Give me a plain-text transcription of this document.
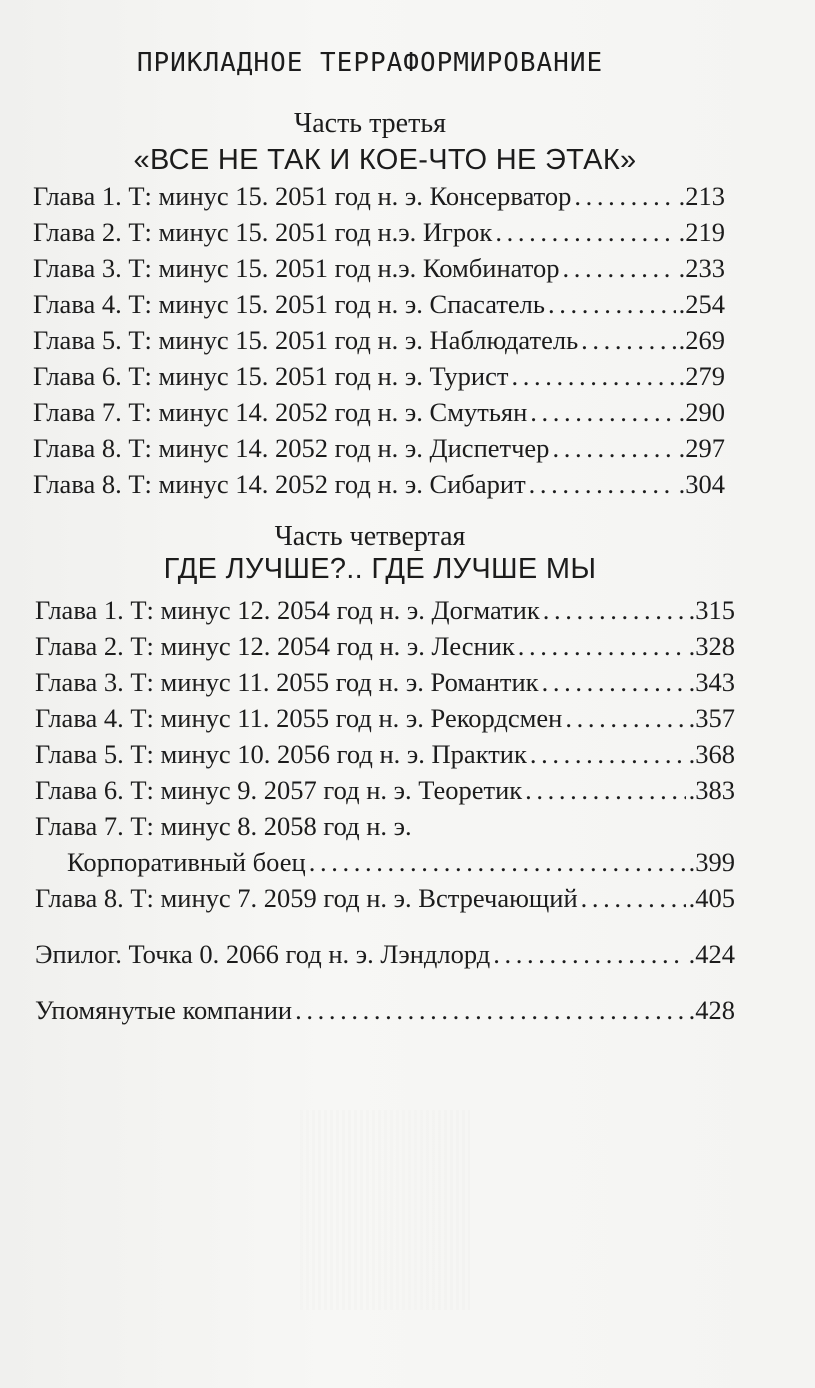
ПРИКЛАДНОЕ ТЕРРАФОРМИРОВАНИЕ
Часть третья
«ВСЕ НЕ ТАК И КОЕ-ЧТО НЕ ЭТАК»
Глава 1. Т: минус 15. 2051 год н. э. Консерватор . . .	.213
Глава 2. Т: минус 15. 2051 год н.э. Игрок . . .	.219
Глава 3. Т: минус 15. 2051 год н.э. Комбинатор . . .	.233
Глава 4. Т: минус 15. 2051 год н. э. Спасатель . . .	.254
Глава 5. Т: минус 15. 2051 год н. э. Наблюдатель . . .	.269
Глава 6. Т: минус 15. 2051 год н. э. Турист . . .	.279
Глава 7. Т: минус 14. 2052 год н. э. Смутьян . . .	.290
Глава 8. Т: минус 14. 2052 год н. э. Диспетчер . . .	.297
Глава 8. Т: минус 14. 2052 год н. э. Сибарит . . .	.304
Часть четвертая
ГДЕ ЛУЧШЕ?.. ГДЕ ЛУЧШЕ МЫ
Глава 1. Т: минус 12. 2054 год н. э. Догматик . . .	.315
Глава 2. Т: минус 12. 2054 год н. э. Лесник . . .	.328
Глава 3. Т: минус 11. 2055 год н. э. Романтик . . .	.343
Глава 4. Т: минус 11. 2055 год н. э. Рекордсмен . . .	.357
Глава 5. Т: минус 10. 2056 год н. э. Практик . . .	.368
Глава 6. Т: минус 9. 2057 год н. э. Теоретик . . .	.383
Глава 7. Т: минус 8. 2058 год н. э.
Корпоративный боец . . .	.399
Глава 8. Т: минус 7. 2059 год н. э. Встречающий . . .	.405
Эпилог. Точка 0. 2066 год н. э. Лэндлорд . . .	.424
Упомянутые компании . . .	.428
